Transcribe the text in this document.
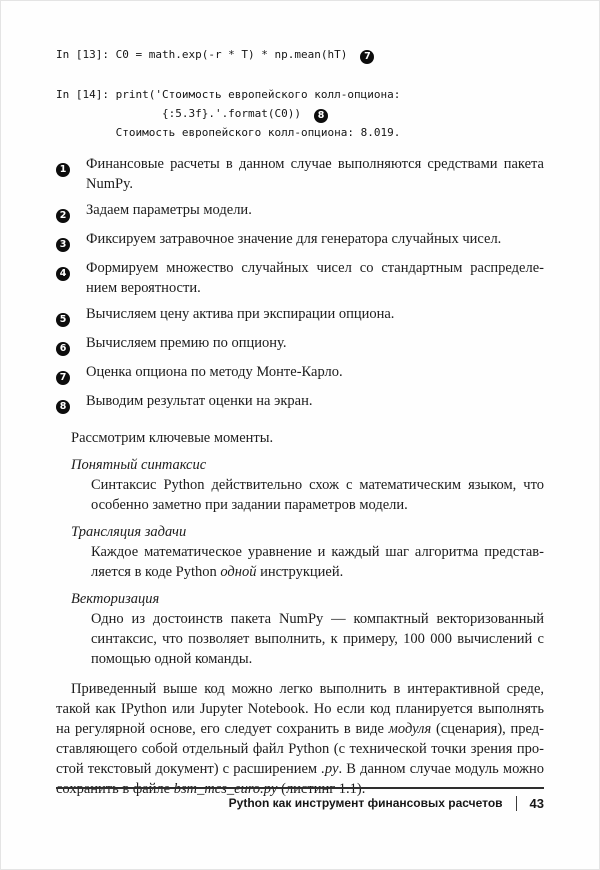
In [13]: C0 = math.exp(-r * T) * np.mean(hT) 7
In [14]: print('Стоимость европейского колл-опциона:
{:5.3f}.'.format(C0)) 8
Стоимость европейского колл-опциона: 8.019.
1	Финансовые расчеты в данном случае выполняются средствами пакета NumPy.
2	Задаем параметры модели.
3	Фиксируем затравочное значение для генератора случайных чисел.
4	Формируем множество случайных чисел со стандартным распределением вероятности.
5	Вычисляем цену актива при экспирации опциона.
6	Вычисляем премию по опциону.
7	Оценка опциона по методу Монте-Карло.
8	Выводим результат оценки на экран.

Рассмотрим ключевые моменты.

Понятный синтаксис

Синтаксис Python действительно схож с математическим языком, что особенно заметно при задании параметров модели.

Трансляция задачи

Каждое математическое уравнение и каждый шаг алгоритма представляется в коде Python одной инструкцией.

Векторизация

Одно из достоинств пакета NumPy — компактный векторизованный синтаксис, что позволяет выполнить, к примеру, 100 000 вычислений с помощью одной команды.

Приведенный выше код можно легко выполнить в интерактивной среде, такой как IPython или Jupyter Notebook. Но если код планируется выполнять на регулярной основе, его следует сохранить в виде модуля (сценария), представляющего собой отдельный файл Python (с технической точки зрения простой текстовый документ) с расширением .py. В данном случае модуль можно сохранить в файле bsm_mcs_euro.py (листинг 1.1).

Python как инструмент финансовых расчетов 43
